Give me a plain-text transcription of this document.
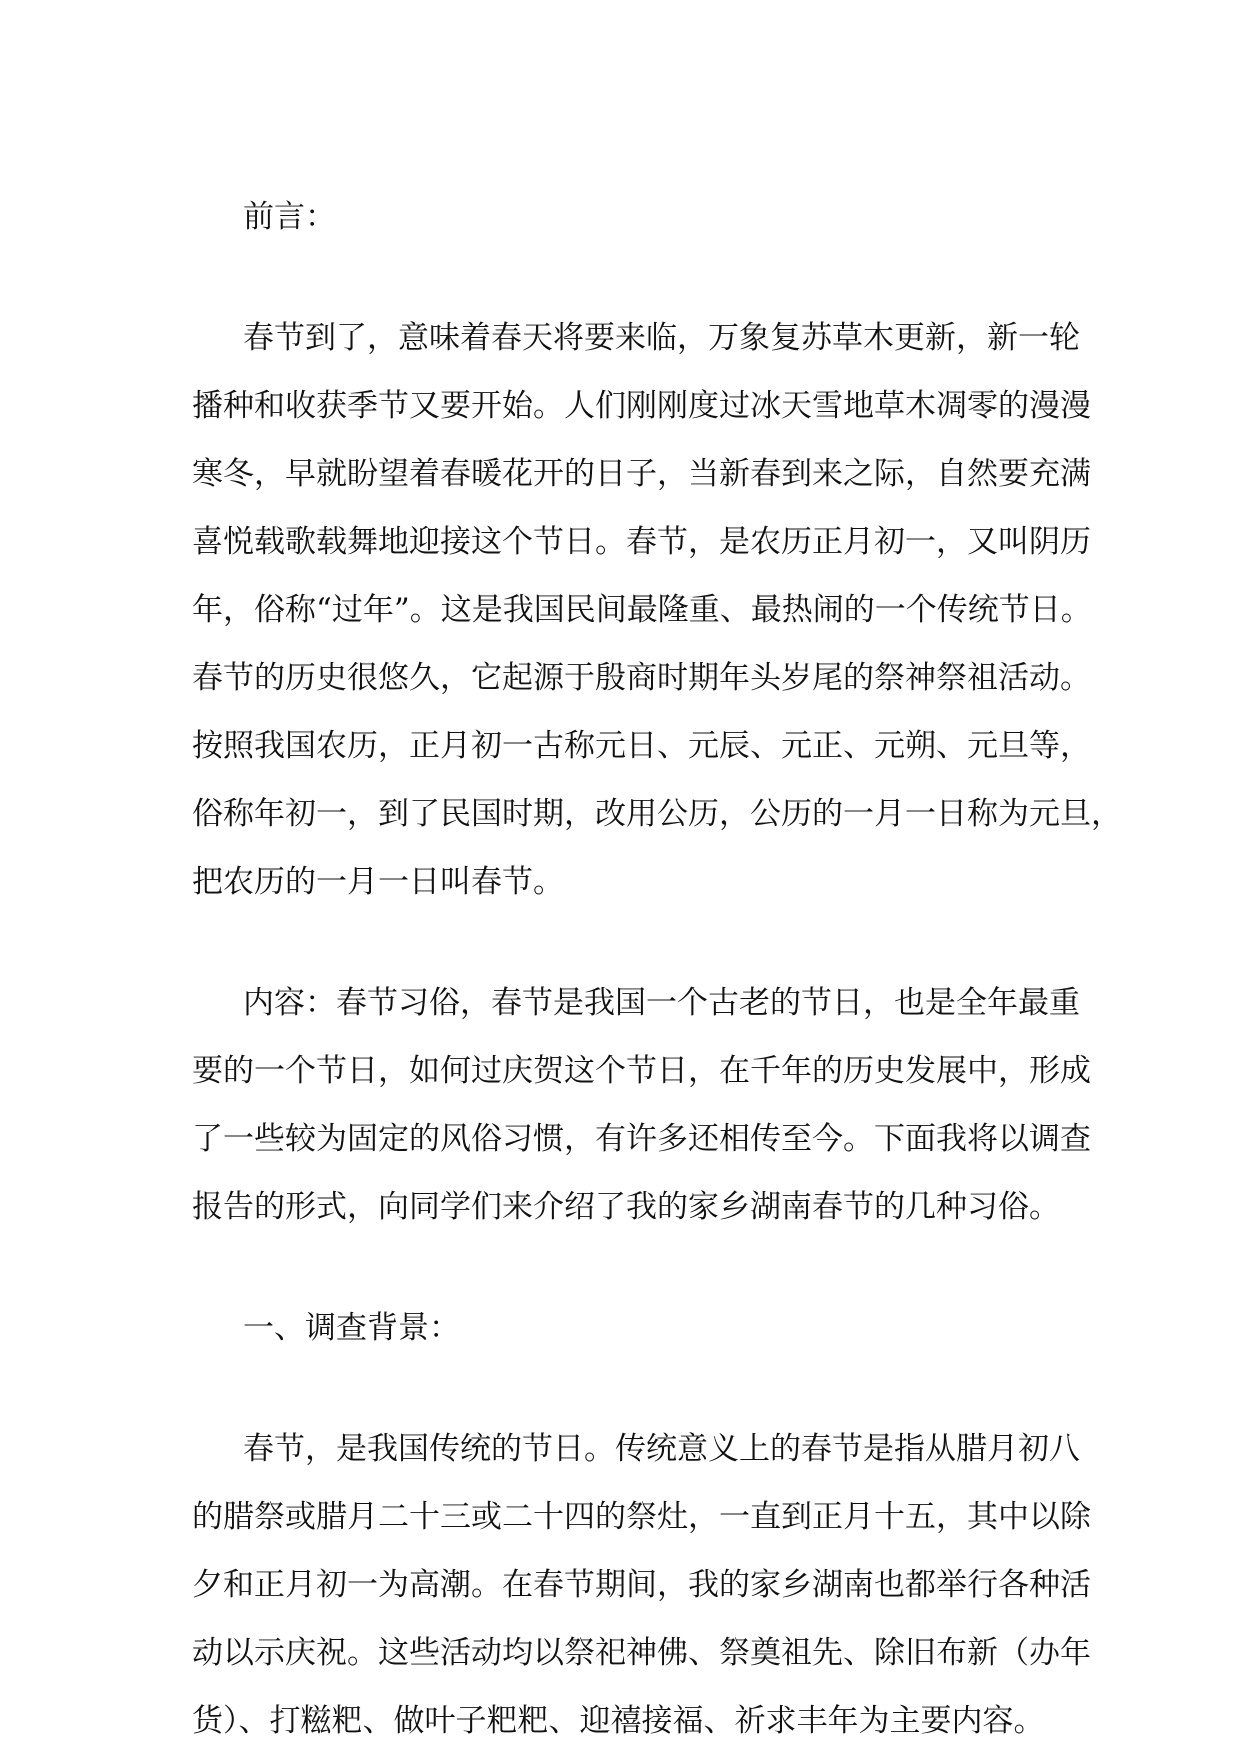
前言：
春节到了，意味着春天将要来临，万象复苏草木更新，新一轮
播种和收获季节又要开始。人们刚刚度过冰天雪地草木凋零的漫漫
寒冬，早就盼望着春暖花开的日子，当新春到来之际，自然要充满
喜悦载歌载舞地迎接这个节日。春节，是农历正月初一，又叫阴历
年，俗称“过年”。这是我国民间最隆重、最热闹的一个传统节日。
春节的历史很悠久，它起源于殷商时期年头岁尾的祭神祭祖活动。
按照我国农历，正月初一古称元日、元辰、元正、元朔、元旦等，
俗称年初一，到了民国时期，改用公历，公历的一月一日称为元旦，
把农历的一月一日叫春节。
内容：春节习俗，春节是我国一个古老的节日，也是全年最重
要的一个节日，如何过庆贺这个节日，在千年的历史发展中，形成
了一些较为固定的风俗习惯，有许多还相传至今。下面我将以调查
报告的形式，向同学们来介绍了我的家乡湖南春节的几种习俗。
一、调查背景：
春节，是我国传统的节日。传统意义上的春节是指从腊月初八
的腊祭或腊月二十三或二十四的祭灶，一直到正月十五，其中以除
夕和正月初一为高潮。在春节期间，我的家乡湖南也都举行各种活
动以示庆祝。这些活动均以祭祀神佛、祭奠祖先、除旧布新（办年
货）、打糍粑、做叶子粑粑、迎禧接福、祈求丰年为主要内容。
